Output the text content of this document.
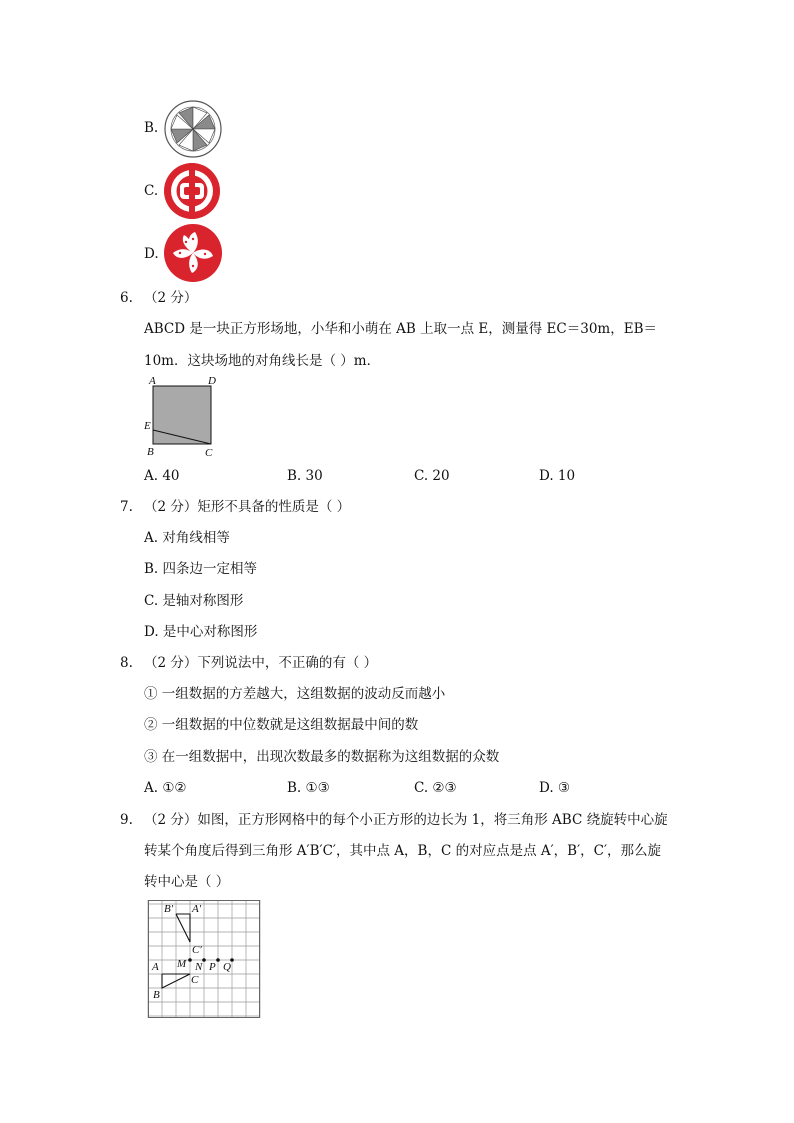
B.
C.
D.
6. （2 分）
ABCD 是一块正方形场地，小华和小萌在 AB 上取一点 E，测量得 EC＝30m，EB＝
10m．这块场地的对角线长是（ ）m．
A	D
E
B	C
A. 40	B. 30	C. 20	D. 10
7. （2 分）矩形不具备的性质是（ ）
A. 对角线相等
B. 四条边一定相等
C. 是轴对称图形
D. 是中心对称图形
8. （2 分）下列说法中，不正确的有（ ）
① 一组数据的方差越大，这组数据的波动反而越小
② 一组数据的中位数就是这组数据最中间的数
③ 在一组数据中，出现次数最多的数据称为这组数据的众数
A. ①②	B. ①③	C. ②③	D. ③
9. （2 分）如图，正方形网格中的每个小正方形的边长为 1，将三角形 ABC 绕旋转中心旋
转某个角度后得到三角形 A′B′C′，其中点 A，B，C 的对应点是点 A′，B′，C′，那么旋
转中心是（ ）
B′ A′
C′
A M N P Q
C
B
